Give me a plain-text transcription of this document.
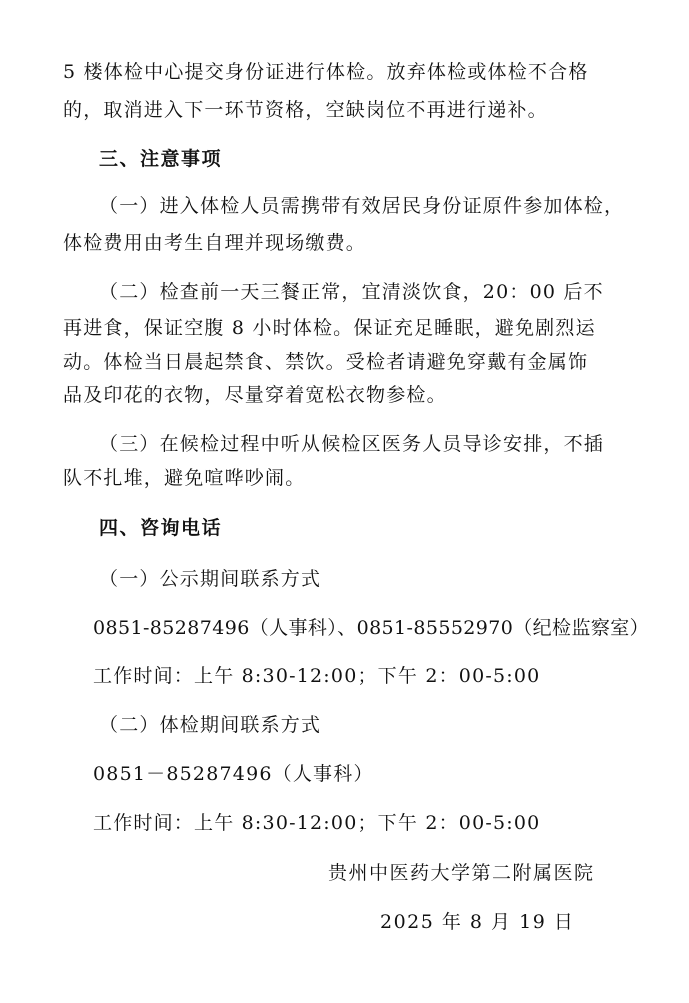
5 楼体检中心提交身份证进行体检。放弃体检或体检不合格
的，取消进入下一环节资格，空缺岗位不再进行递补。
三、注意事项
（一）进入体检人员需携带有效居民身份证原件参加体检，
体检费用由考生自理并现场缴费。
（二）检查前一天三餐正常，宜清淡饮食，20：00 后不
再进食，保证空腹 8 小时体检。保证充足睡眠，避免剧烈运
动。体检当日晨起禁食、禁饮。受检者请避免穿戴有金属饰
品及印花的衣物，尽量穿着宽松衣物参检。
（三）在候检过程中听从候检区医务人员导诊安排，不插
队不扎堆，避免喧哗吵闹。
四、咨询电话
（一）公示期间联系方式
0851-85287496（人事科）、0851-85552970（纪检监察室）
工作时间：上午 8:30-12:00；下午 2：00-5:00
（二）体检期间联系方式
0851－85287496（人事科）
工作时间：上午 8:30-12:00；下午 2：00-5:00
贵州中医药大学第二附属医院
2025 年 8 月 19 日
